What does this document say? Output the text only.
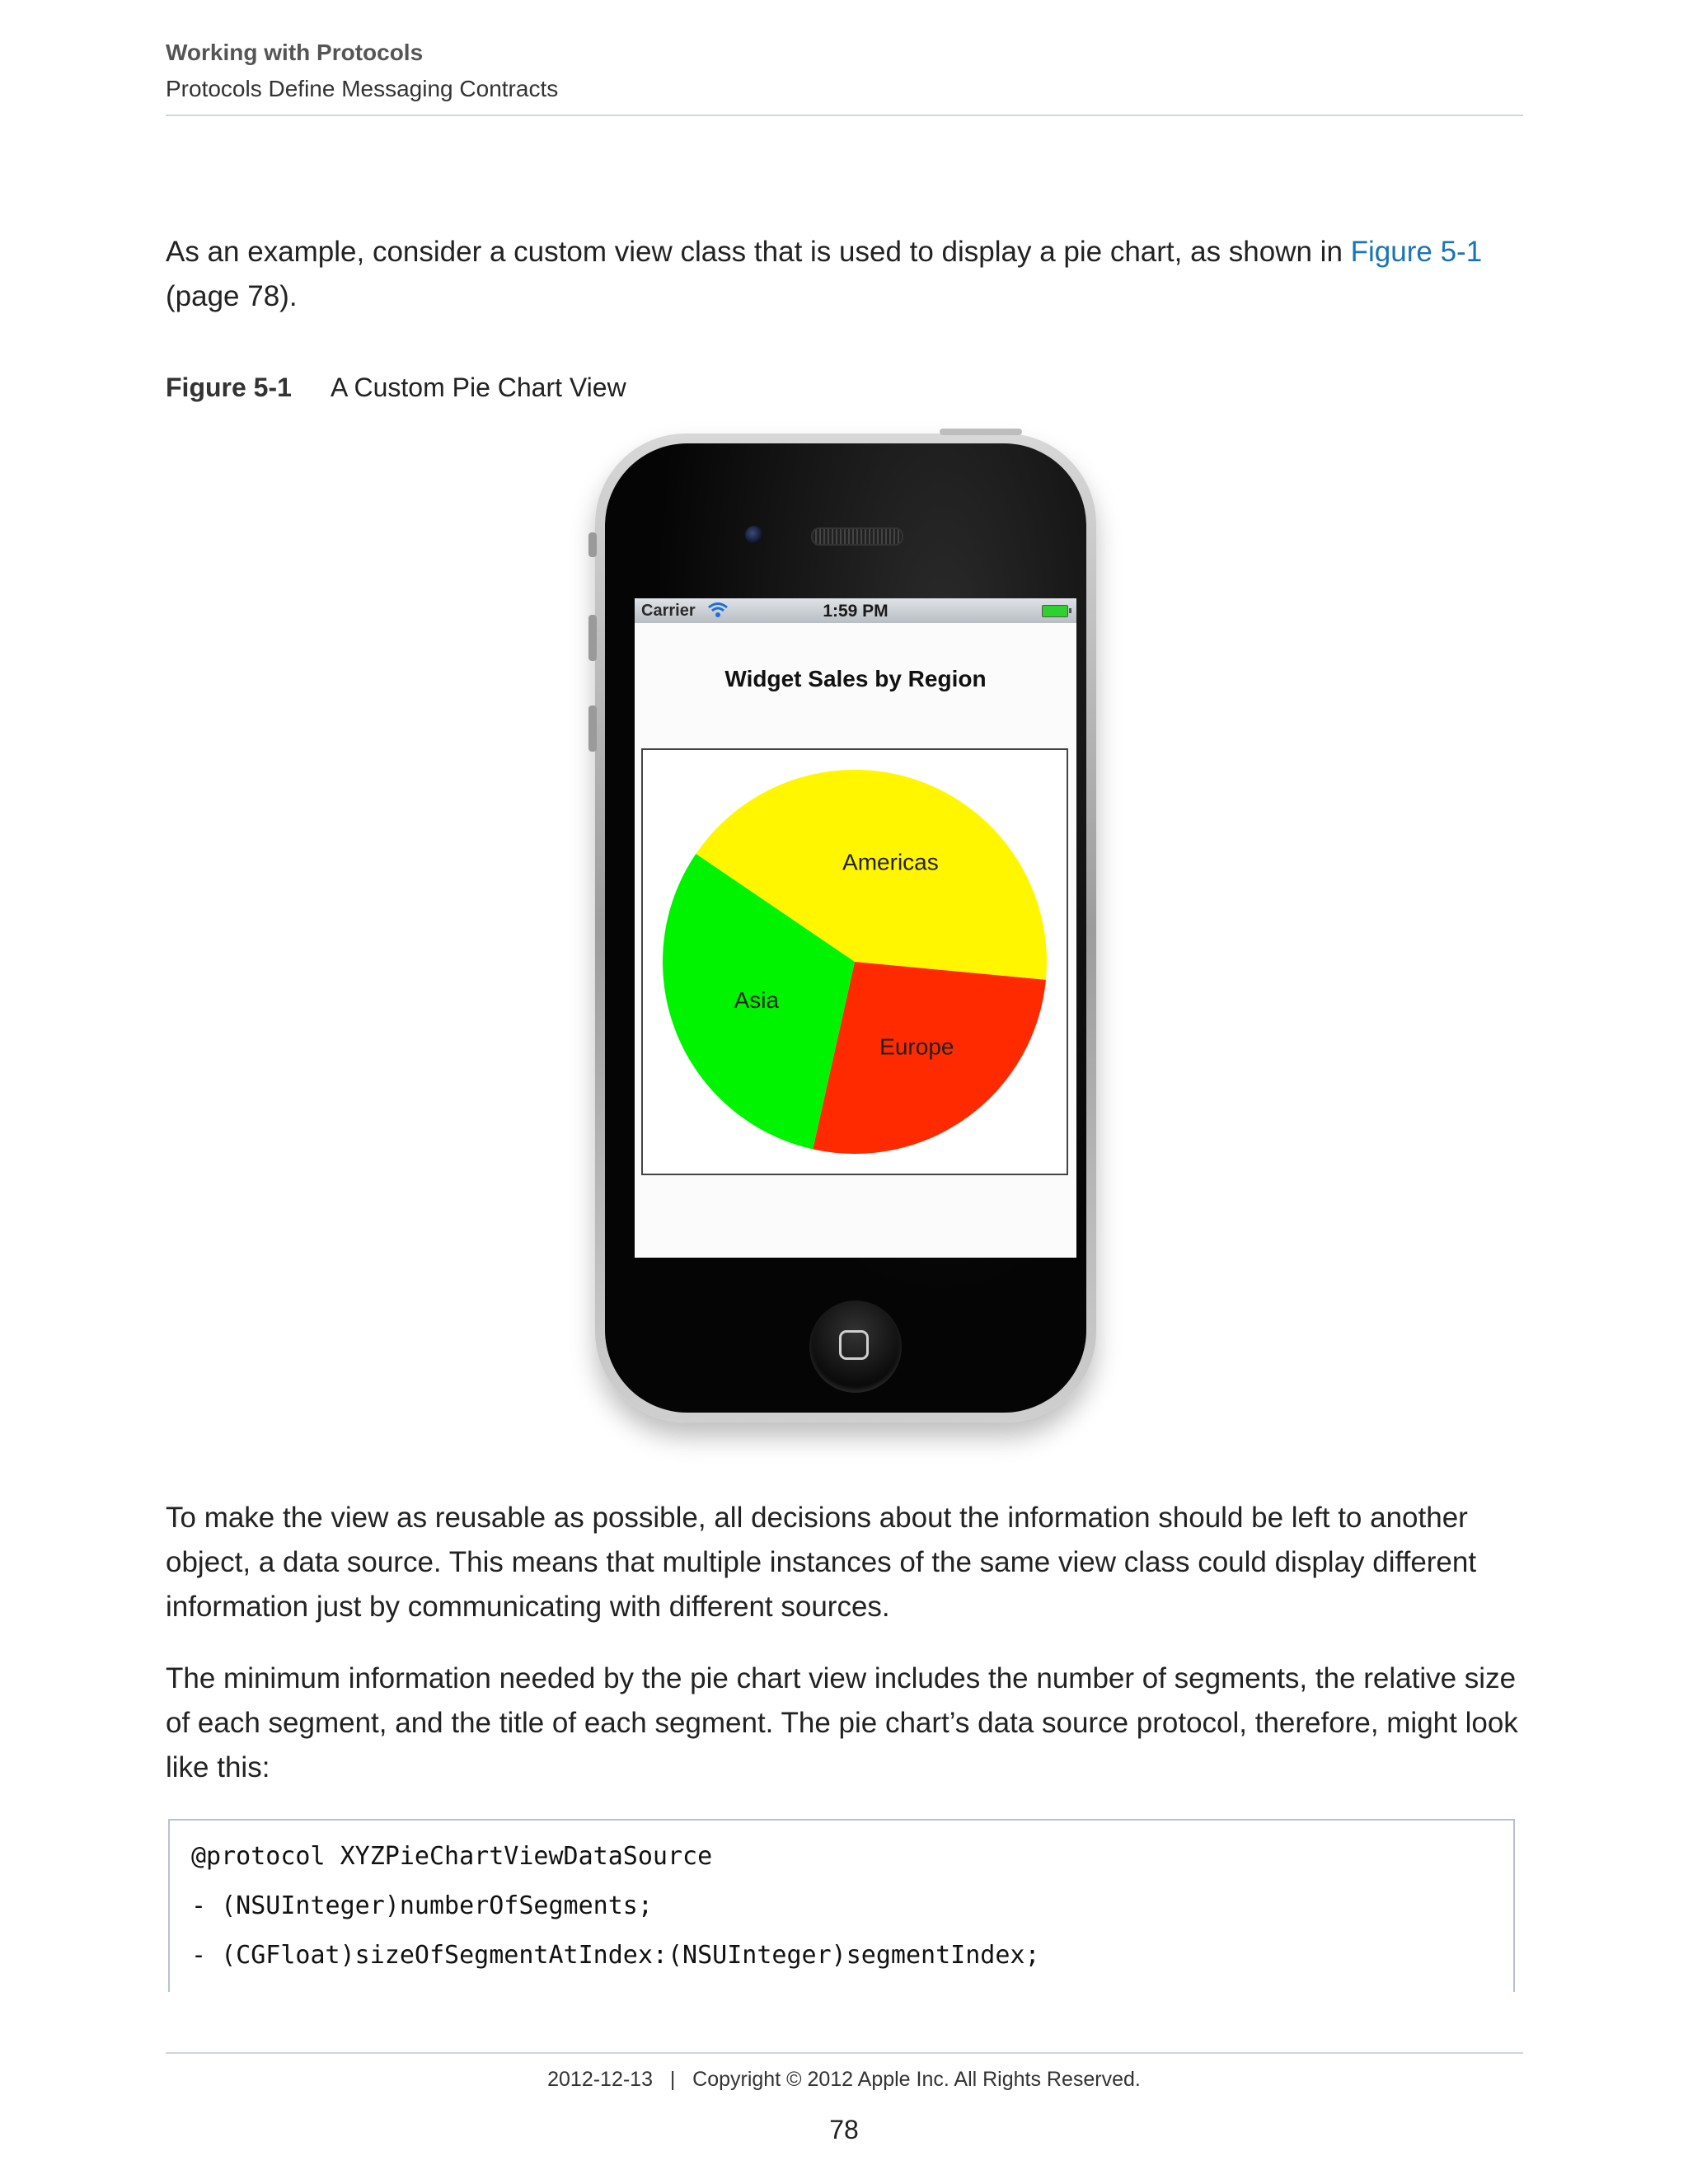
Working with Protocols
Protocols Define Messaging Contracts
As an example, consider a custom view class that is used to display a pie chart, as shown in Figure 5-1 (page 78).
Figure 5-1 A Custom Pie Chart View
Carrier	1:59 PM
Widget Sales by Region
Americas
Europe
Asia
To make the view as reusable as possible, all decisions about the information should be left to another object, a data source. This means that multiple instances of the same view class could display different information just by communicating with different sources.
The minimum information needed by the pie chart view includes the number of segments, the relative size of each segment, and the title of each segment. The pie chart’s data source protocol, therefore, might look like this:
@protocol XYZPieChartViewDataSource
- (NSUInteger)numberOfSegments;
- (CGFloat)sizeOfSegmentAtIndex:(NSUInteger)segmentIndex;
2012-12-13   |   Copyright © 2012 Apple Inc. All Rights Reserved.
78
